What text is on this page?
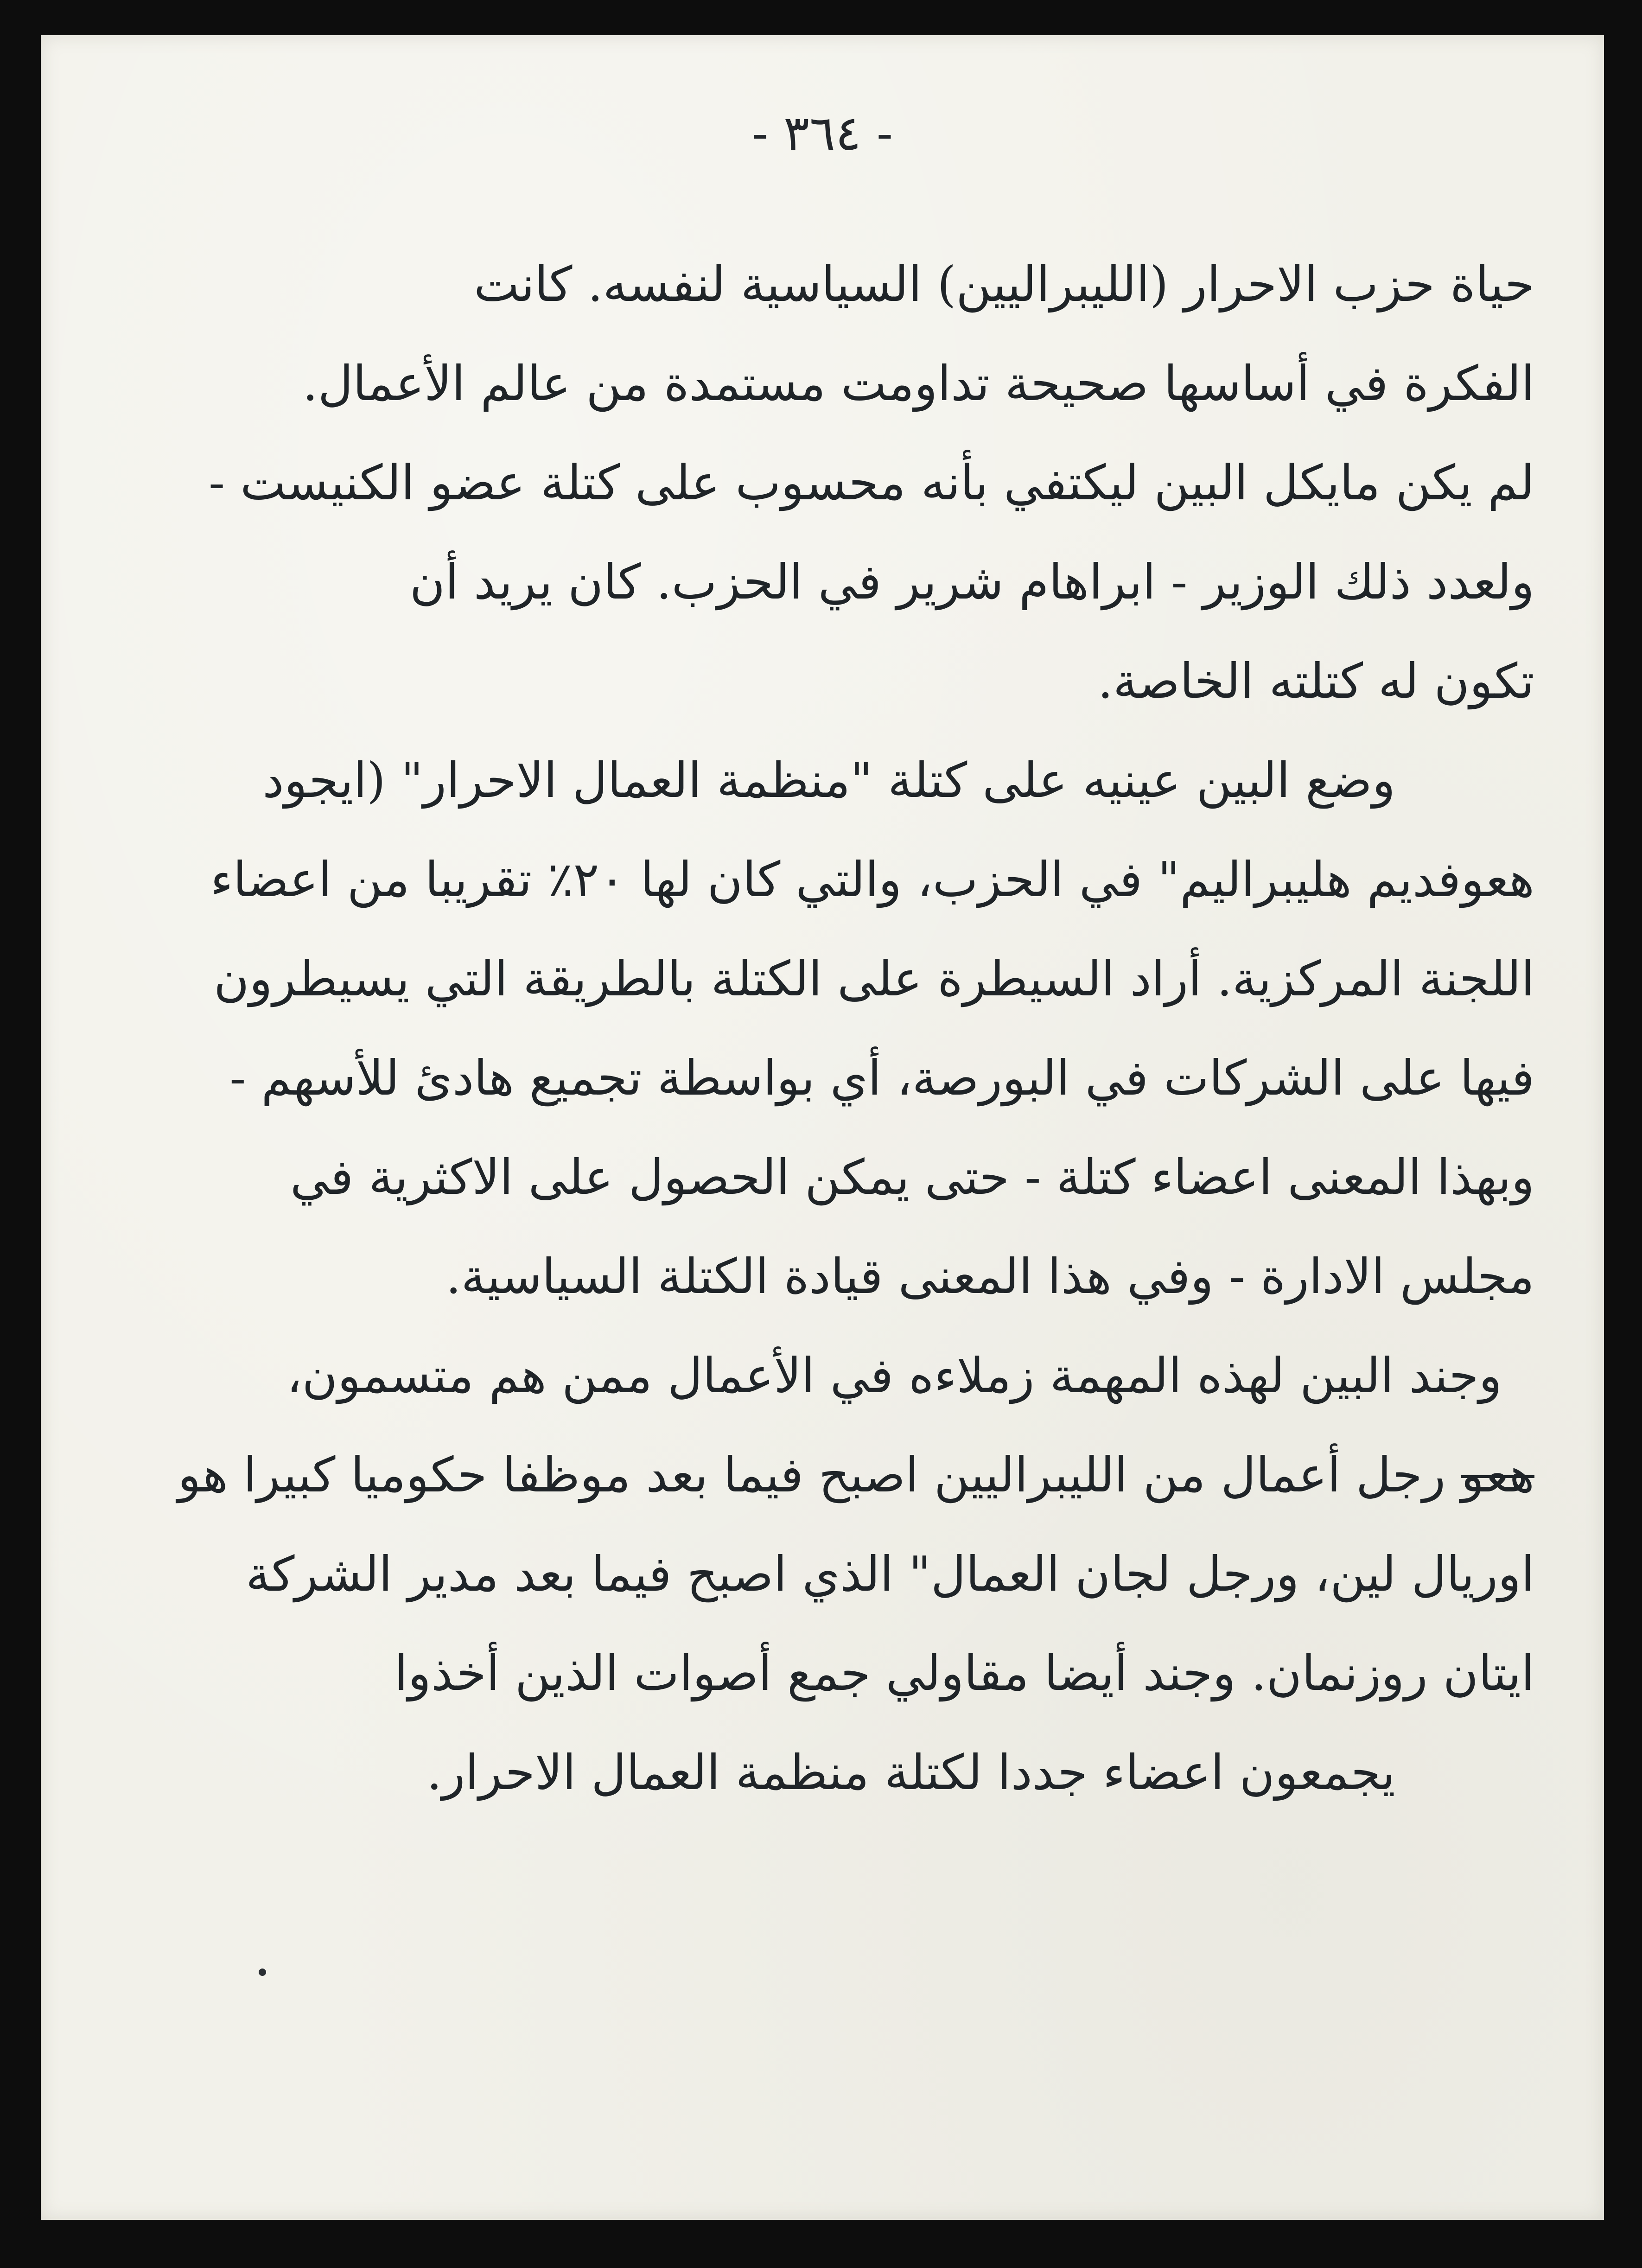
- ٣٦٤ -
حياة حزب الاحرار (الليبراليين) السياسية لنفسه. كانت
الفكرة في أساسها صحيحة تداومت مستمدة من عالم الأعمال.
لم يكن مايكل البين ليكتفي بأنه محسوب على كتلة عضو الكنيست -
ولعدد ذلك الوزير - ابراهام شرير في الحزب. كان يريد أن
تكون له كتلته الخاصة.
وضع البين عينيه على كتلة "منظمة العمال الاحرار" (ايجود
هعوفديم هليبراليم" في الحزب، والتي كان لها ٢٠٪ تقريبا من اعضاء
اللجنة المركزية. أراد السيطرة على الكتلة بالطريقة التي يسيطرون
فيها على الشركات في البورصة، أي بواسطة تجميع هادئ للأسهم -
وبهذا المعنى اعضاء كتلة - حتى يمكن الحصول على الاكثرية في
مجلس الادارة - وفي هذا المعنى قيادة الكتلة السياسية.
وجند البين لهذه المهمة زملاءه في الأعمال ممن هم متسمون،
هعو رجل أعمال من الليبراليين اصبح فيما بعد موظفا حكوميا كبيرا هو
اوريال لين، ورجل لجان العمال" الذي اصبح فيما بعد مدير الشركة
ايتان روزنمان. وجند أيضا مقاولي جمع أصوات الذين أخذوا
يجمعون اعضاء جددا لكتلة منظمة العمال الاحرار.
